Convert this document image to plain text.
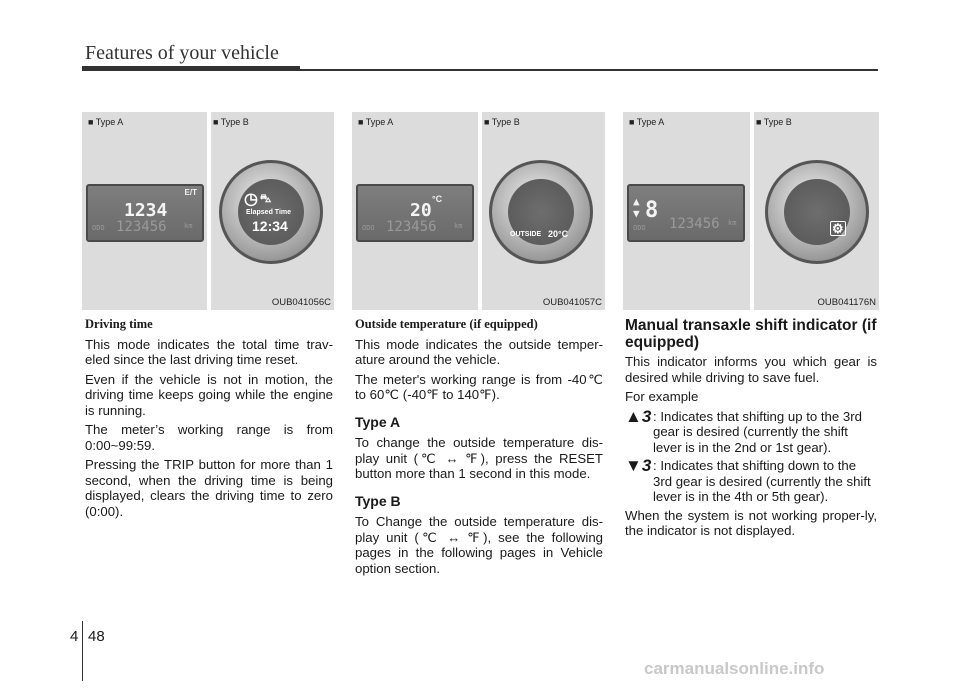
Features of your vehicle
■ Type A	■ Type B
E/T
1234
ODO 123456 km
◷ ⛍
Elapsed Time
12:34
OUB041056C
■ Type A	■ Type B
°C
20
ODO 123456 km
OUTSIDE 20°C
OUB041057C
■ Type A	■ Type B
▲
▼ 8
ODO 123456 km	⚙
OUB041176N
Driving time

This mode indicates the total time trav-eled since the last driving time reset.

Even if the vehicle is not in motion, the driving time keeps going while the engine is running.

The meter’s working range is from 0:00~99:59.

Pressing the TRIP button for more than 1 second, when the driving time is being displayed, clears the driving time to zero (0:00).

Outside temperature (if equipped)

This mode indicates the outside temper-ature around the vehicle.

The meter's working range is from -40℃ to 60℃ (-40℉ to 140℉).

Type A

To change the outside temperature dis-play unit (℃ ↔ ℉), press the RESET button more than 1 second in this mode.

Type B

To Change the outside temperature dis-play unit (℃ ↔ ℉), see the following pages in the following pages in Vehicle option section.

Manual transaxle shift indicator (if equipped)

This indicator informs you which gear is desired while driving to save fuel.

For example

▲3 : Indicates that shifting up to the 3rd gear is desired (currently the shift lever is in the 2nd or 1st gear).
▼3 : Indicates that shifting down to the 3rd gear is desired (currently the shift lever is in the 4th or 5th gear).

When the system is not working proper-ly, the indicator is not displayed.

4 48
carmanualsonline.info
